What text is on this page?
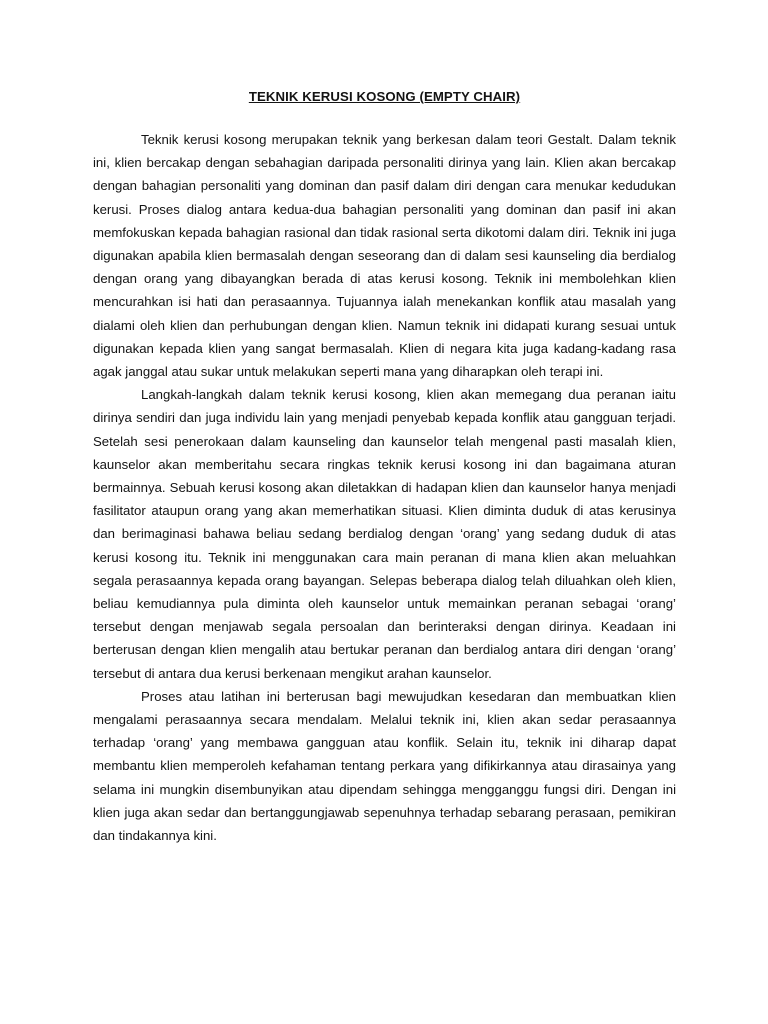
TEKNIK KERUSI KOSONG (EMPTY CHAIR)

Teknik kerusi kosong merupakan teknik yang berkesan dalam teori Gestalt. Dalam teknik ini, klien bercakap dengan sebahagian daripada personaliti dirinya yang lain. Klien akan bercakap dengan bahagian personaliti yang dominan dan pasif dalam diri dengan cara menukar kedudukan kerusi. Proses dialog antara kedua-dua bahagian personaliti yang dominan dan pasif ini akan memfokuskan kepada bahagian rasional dan tidak rasional serta dikotomi dalam diri. Teknik ini juga digunakan apabila klien bermasalah dengan seseorang dan di dalam sesi kaunseling dia berdialog dengan orang yang dibayangkan berada di atas kerusi kosong. Teknik ini membolehkan klien mencurahkan isi hati dan perasaannya. Tujuannya ialah menekankan konflik atau masalah yang dialami oleh klien dan perhubungan dengan klien. Namun teknik ini didapati kurang sesuai untuk digunakan kepada klien yang sangat bermasalah. Klien di negara kita juga kadang-kadang rasa agak janggal atau sukar untuk melakukan seperti mana yang diharapkan oleh terapi ini.

Langkah-langkah dalam teknik kerusi kosong, klien akan memegang dua peranan iaitu dirinya sendiri dan juga individu lain yang menjadi penyebab kepada konflik atau gangguan terjadi. Setelah sesi penerokaan dalam kaunseling dan kaunselor telah mengenal pasti masalah klien, kaunselor akan memberitahu secara ringkas teknik kerusi kosong ini dan bagaimana aturan bermainnya. Sebuah kerusi kosong akan diletakkan di hadapan klien dan kaunselor hanya menjadi fasilitator ataupun orang yang akan memerhatikan situasi. Klien diminta duduk di atas kerusinya dan berimaginasi bahawa beliau sedang berdialog dengan ‘orang’ yang sedang duduk di atas kerusi kosong itu. Teknik ini menggunakan cara main peranan di mana klien akan meluahkan segala perasaannya kepada orang bayangan. Selepas beberapa dialog telah diluahkan oleh klien, beliau kemudiannya pula diminta oleh kaunselor untuk memainkan peranan sebagai ‘orang’ tersebut dengan menjawab segala persoalan dan berinteraksi dengan dirinya. Keadaan ini berterusan dengan klien mengalih atau bertukar peranan dan berdialog antara diri dengan ‘orang’ tersebut di antara dua kerusi berkenaan mengikut arahan kaunselor.

Proses atau latihan ini berterusan bagi mewujudkan kesedaran dan membuatkan klien mengalami perasaannya secara mendalam. Melalui teknik ini, klien akan sedar perasaannya terhadap ‘orang’ yang membawa gangguan atau konflik. Selain itu, teknik ini diharap dapat membantu klien memperoleh kefahaman tentang perkara yang difikirkannya atau dirasainya yang selama ini mungkin disembunyikan atau dipendam sehingga mengganggu fungsi diri. Dengan ini klien juga akan sedar dan bertanggungjawab sepenuhnya terhadap sebarang perasaan, pemikiran dan tindakannya kini.
